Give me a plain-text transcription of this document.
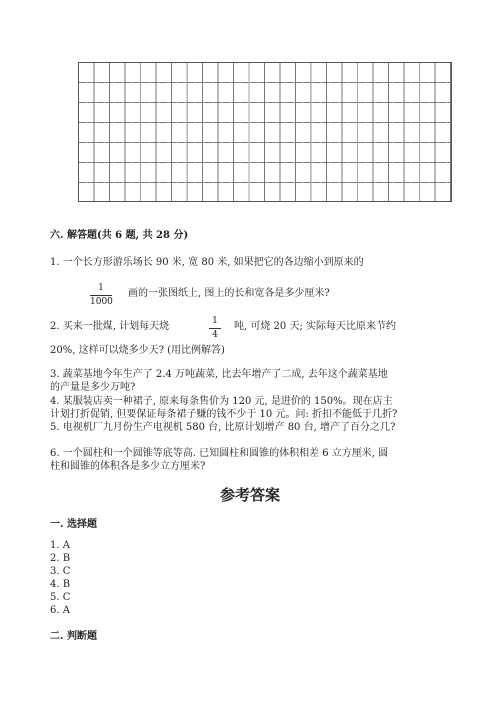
六. 解答题(共 6 题, 共 28 分)
1. 一个长方形游乐场长 90 米, 宽 80 米, 如果把它的各边缩小到原来的
1
1000
画的一张图纸上, 图上的长和宽各是多少厘米?
2. 买来一批煤, 计划每天烧	1
4
吨, 可烧 20 天; 实际每天比原来节约
20%, 这样可以烧多少天? (用比例解答)
3. 蔬菜基地今年生产了 2.4 万吨蔬菜, 比去年增产了二成, 去年这个蔬菜基地
的产量是多少万吨?
4. 某服装店卖一种裙子, 原来每条售价为 120 元, 是进价的 150%。现在店主
计划打折促销, 但要保证每条裙子赚的钱不少于 10 元。问: 折扣不能低于几折?
5. 电视机厂九月份生产电视机 580 台, 比原计划增产 80 台, 增产了百分之几?
6. 一个圆柱和一个圆锥等底等高. 已知圆柱和圆锥的体积相差 6 立方厘米, 圆
柱和圆锥的体积各是多少立方厘米?
参考答案
一. 选择题
1. A
2. B
3. C
4. B
5. C
6. A
二. 判断题
